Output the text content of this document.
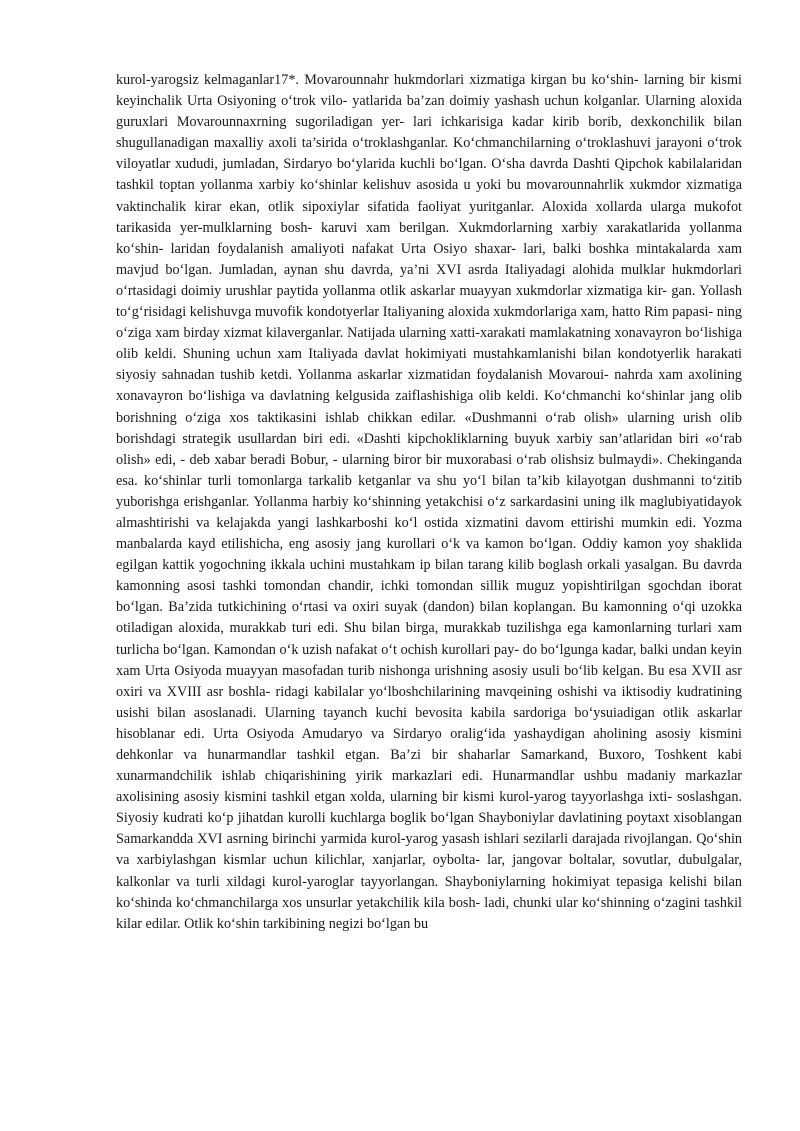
kurol-yarogsiz kelmaganlar17*. Movarounnahr hukmdorlari xizmatiga kirgan bu ko‘shin- larning bir kismi keyinchalik Urta Osiyoning o‘trok vilo- yatlarida ba’zan doimiy yashash uchun kolganlar. Ularning aloxida guruxlari Movarounnaxrning sugoriladigan yer- lari ichkarisiga kadar kirib borib, dexkonchilik bilan shugullanadigan maxalliy axoli ta’sirida o‘troklashganlar. Ko‘chmanchilarning o‘troklashuvi jarayoni o‘trok viloyatlar xududi, jumladan, Sirdaryo bo‘ylarida kuchli bo‘lgan. O‘sha davrda Dashti Qipchok kabilalaridan tashkil toptan yollanma xarbiy ko‘shinlar kelishuv asosida u yoki bu movarounnahrlik xukmdor xizmatiga vaktinchalik kirar ekan, otlik sipoxiylar sifatida faoliyat yuritganlar. Aloxida xollarda ularga mukofot tarikasida yer-mulklarning bosh- karuvi xam berilgan. Xukmdorlarning xarbiy xarakatlarida yollanma ko‘shin- laridan foydalanish amaliyoti nafakat Urta Osiyo shaxar- lari, balki boshka mintakalarda xam mavjud bo‘lgan. Jumladan, aynan shu davrda, ya’ni XVI asrda Italiyadagi alohida mulklar hukmdorlari o‘rtasidagi doimiy urushlar paytida yollanma otlik askarlar muayyan xukmdorlar xizmatiga kir- gan. Yollash to‘g‘risidagi kelishuvga muvofik kondotyerlar Italiyaning aloxida xukmdorlariga xam, hatto Rim papasi- ning o‘ziga xam birday xizmat kilaverganlar. Natijada ularning xatti-xarakati mamlakatning xonavayron bo‘lishiga olib keldi. Shuning uchun xam Italiyada davlat hokimiyati mustahkamlanishi bilan kondotyerlik harakati siyosiy sahnadan tushib ketdi. Yollanma askarlar xizmatidan foydalanish Movaroui- nahrda xam axolining xonavayron bo‘lishiga va davlatning kelgusida zaiflashishiga olib keldi. Ko‘chmanchi ko‘shinlar jang olib borishning o‘ziga xos taktikasini ishlab chikkan edilar. «Dushmanni o‘rab olish» ularning urish olib borishdagi strategik usullardan biri edi. «Dashti kipchokliklarning buyuk xarbiy san’atlaridan biri «o‘rab olish» edi, - deb xabar beradi Bobur, - ularning biror bir muxorabasi o‘rab olishsiz bulmaydi». Chekinganda esa. ko‘shinlar turli tomonlarga tarkalib ketganlar va shu yo‘l bilan ta’kib kilayotgan dushmanni to‘zitib yuborishga erishganlar. Yollanma harbiy ko‘shinning yetakchisi o‘z sarkardasini uning ilk maglubiyatidayok almashtirishi va kelajakda yangi lashkarboshi ko‘l ostida xizmatini davom ettirishi mumkin edi. Yozma manbalarda kayd etilishicha, eng asosiy jang kurollari o‘k va kamon bo‘lgan. Oddiy kamon yoy shaklida egilgan kattik yogochning ikkala uchini mustahkam ip bilan tarang kilib boglash orkali yasalgan. Bu davrda kamonning asosi tashki tomondan chandir, ichki tomondan sillik muguz yopishtirilgan sgochdan iborat bo‘lgan. Ba’zida tutkichining o‘rtasi va oxiri suyak (dandon) bilan koplangan. Bu kamonning o‘qi uzokka otiladigan aloxida, murakkab turi edi. Shu bilan birga, murakkab tuzilishga ega kamonlarning turlari xam turlicha bo‘lgan. Kamondan o‘k uzish nafakat o‘t ochish kurollari pay- do bo‘lgunga kadar, balki undan keyin xam Urta Osiyoda muayyan masofadan turib nishonga urishning asosiy usuli bo‘lib kelgan. Bu esa XVII asr oxiri va XVIII asr boshla- ridagi kabilalar yo‘lboshchilarining mavqeining oshishi va iktisodiy kudratining usishi bilan asoslanadi. Ularning tayanch kuchi bevosita kabila sardoriga bo‘ysuiadigan otlik askarlar hisoblanar edi. Urta Osiyoda Amudaryo va Sirdaryo oralig‘ida yashaydigan aholining asosiy kismini dehkonlar va hunarmandlar tashkil etgan. Ba’zi bir shaharlar Samarkand, Buxoro, Toshkent kabi xunarmandchilik ishlab chiqarishining yirik markazlari edi. Hunarmandlar ushbu madaniy markazlar axolisining asosiy kismini tashkil etgan xolda, ularning bir kismi kurol-yarog tayyorlashga ixti- soslashgan. Siyosiy kudrati ko‘p jihatdan kurolli kuchlarga boglik bo‘lgan Shayboniylar davlatining poytaxt xisoblangan Samarkandda XVI asrning birinchi yarmida kurol-yarog yasash ishlari sezilarli darajada rivojlangan. Qo‘shin va xarbiylashgan kismlar uchun kilichlar, xanjarlar, oybolta- lar, jangovar boltalar, sovutlar, dubulgalar, kalkonlar va turli xildagi kurol-yaroglar tayyorlangan. Shayboniylarning hokimiyat tepasiga kelishi bilan ko‘shinda ko‘chmanchilarga xos unsurlar yetakchilik kila bosh- ladi, chunki ular ko‘shinning o‘zagini tashkil kilar edilar. Otlik ko‘shin tarkibining negizi bo‘lgan bu
